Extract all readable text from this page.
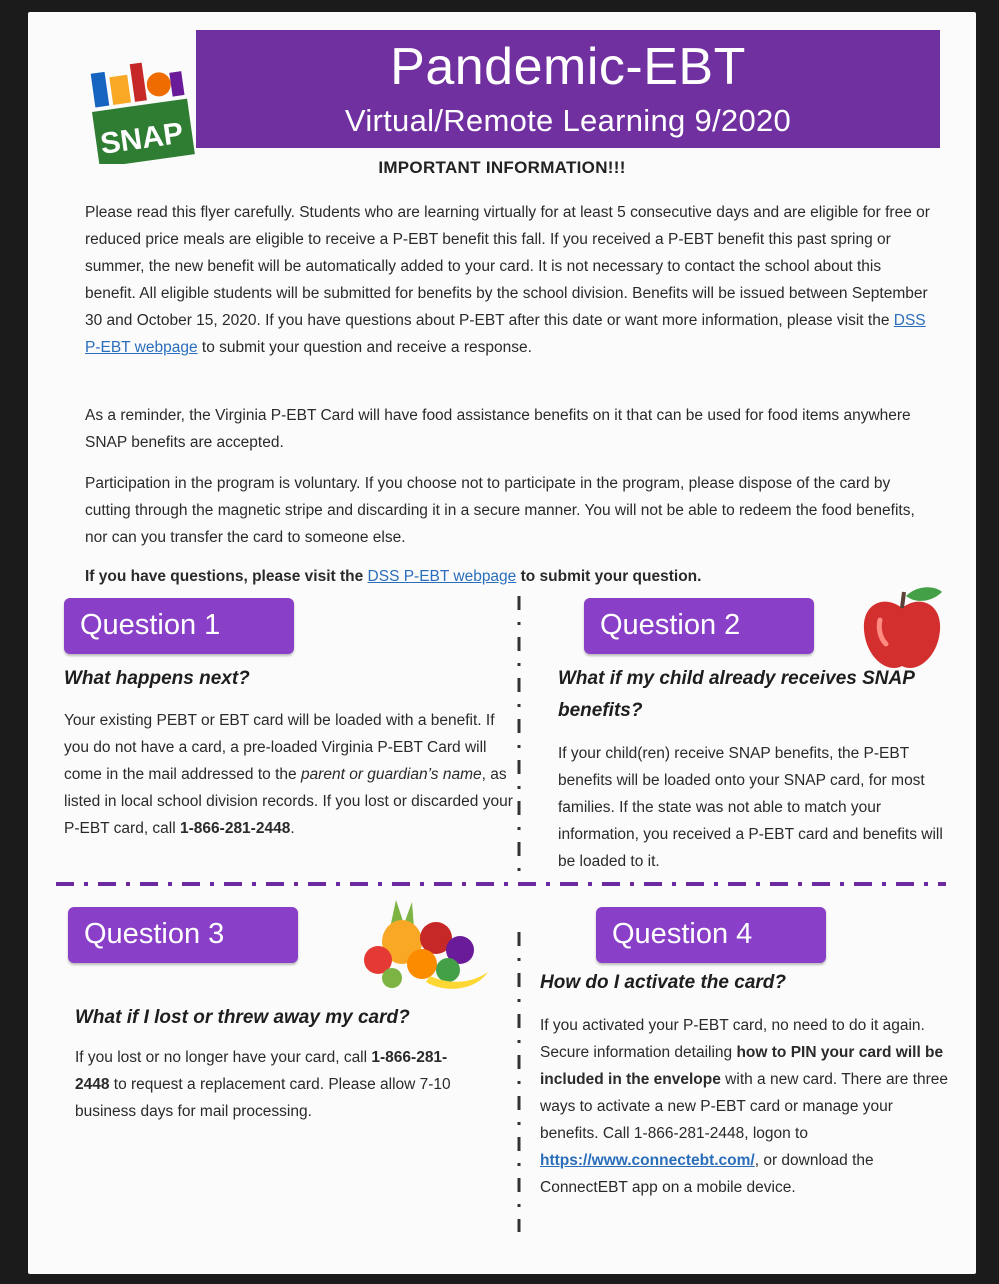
SNAP
Pandemic-EBT
Virtual/Remote Learning 9/2020
IMPORTANT INFORMATION!!!
Please read this flyer carefully. Students who are learning virtually for at least 5 consecutive days and are eligible for free or reduced price meals are eligible to receive a P-EBT benefit this fall. If you received a P-EBT benefit this past spring or summer, the new benefit will be automatically added to your card. It is not necessary to contact the school about this benefit. All eligible students will be submitted for benefits by the school division. Benefits will be issued between September 30 and October 15, 2020. If you have questions about P-EBT after this date or want more information, please visit the DSS P-EBT webpage to submit your question and receive a response.
As a reminder, the Virginia P-EBT Card will have food assistance benefits on it that can be used for food items anywhere SNAP benefits are accepted.
Participation in the program is voluntary. If you choose not to participate in the program, please dispose of the card by cutting through the magnetic stripe and discarding it in a secure manner. You will not be able to redeem the food benefits, nor can you transfer the card to someone else.
If you have questions, please visit the DSS P-EBT webpage to submit your question.
Question 1
What happens next?
Your existing PEBT or EBT card will be loaded with a benefit. If you do not have a card, a pre-loaded Virginia P-EBT Card will come in the mail addressed to the parent or guardian’s name, as listed in local school division records. If you lost or discarded your P-EBT card, call 1-866-281-2448.
Question 2
What if my child already receives SNAP benefits?
If your child(ren) receive SNAP benefits, the P-EBT benefits will be loaded onto your SNAP card, for most families. If the state was not able to match your information, you received a P-EBT card and benefits will be loaded to it.
Question 3
What if I lost or threw away my card?
If you lost or no longer have your card, call 1-866-281-2448 to request a replacement card. Please allow 7-10 business days for mail processing.
Question 4
How do I activate the card?
If you activated your P-EBT card, no need to do it again. Secure information detailing how to PIN your card will be included in the envelope with a new card. There are three ways to activate a new P-EBT card or manage your benefits. Call 1-866-281-2448, logon to https://www.connectebt.com/, or download the ConnectEBT app on a mobile device.
